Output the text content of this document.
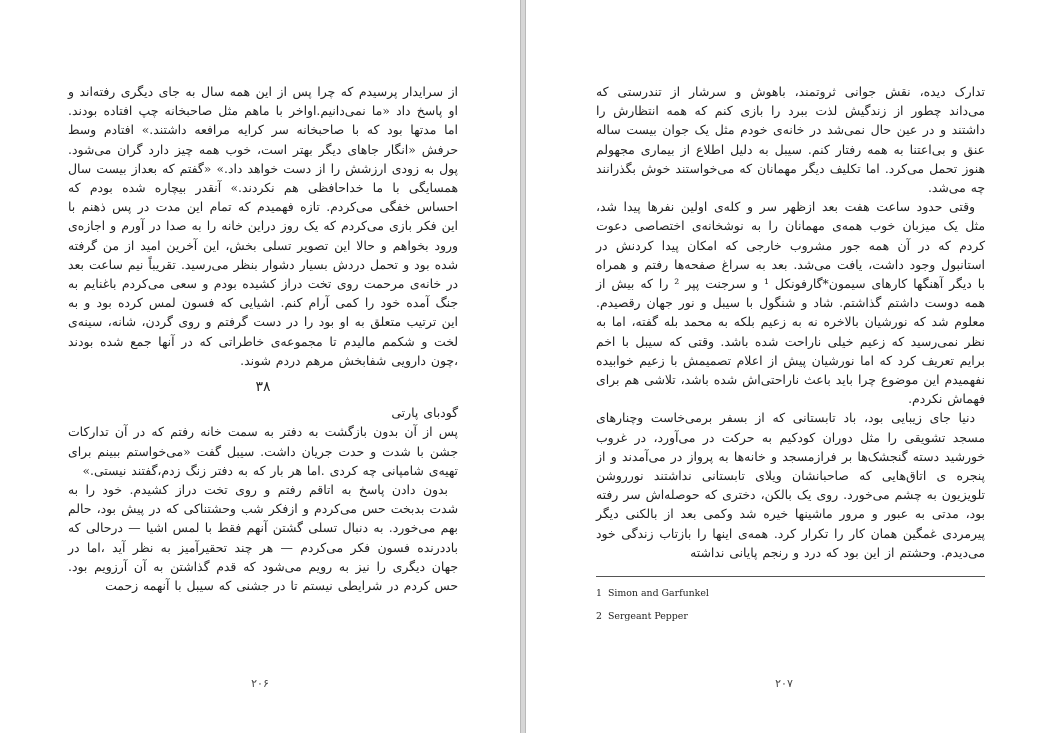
از سرایدار پرسیدم که چرا پس از این همه سال به جای دیگری رفته‌اند و او پاسخ داد «ما نمی‌دانیم.اواخر با ماهم مثل صاحبخانه چپ افتاده بودند. اما مدتها بود که با صاحبخانه سر کرایه مرافعه داشتند.» افتادم وسط حرفش «انگار جاهای دیگر بهتر است، خوب همه چیز دارد گران می‌شود. پول به زودی ارزشش را از دست خواهد داد.» «گفتم که بعداز بیست سال همسایگی با ما خداحافظی هم نکردند.» آنقدر بیچاره شده بودم که احساس خفگی می‌کردم. تازه فهمیدم که تمام این مدت در پس ذهنم با این فکر بازی می‌کردم که یک روز دراین خانه را به صدا در آورم و اجازه‌ی ورود بخواهم و حالا این تصویر تسلی بخش، این آخرین امید از من گرفته شده بود و تحمل دردش بسیار دشوار بنظر می‌رسید. تقریباً نیم ساعت بعد در خانه‌ی مرحمت روی تخت دراز کشیده بودم و سعی می‌کردم باغنایم به جنگ آمده خود را کمی آرام کنم. اشیایی که فسون لمس کرده بود و به این ترتیب متعلق به او بود را در دست گرفتم و روی گردن، شانه، سینه‌ی لخت و شکمم مالیدم تا مجموعه‌ی خاطراتی که در آنها جمع شده بودند ،چون دارویی شفابخش مرهم دردم شوند.

۳۸

گودبای پارتی

پس از آن بدون بازگشت به دفتر به سمت خانه رفتم که در آن تدارکات جشن با شدت و حدت جریان داشت. سیبل گفت «می‌خواستم ببینم برای تهیه‌ی شامپانی چه کردی .اما هر بار که به دفتر زنگ زدم،گفتند نیستی.»

بدون دادن پاسخ به اتاقم رفتم و روی تخت دراز کشیدم. خود را به شدت بدبخت حس می‌کردم و ازفکر شب وحشتناکی که در پیش بود، حالم بهم می‌خورد. به دنبال تسلی گشتن آنهم فقط با لمس اشیا — درحالی که باددرنده فسون فکر می‌کردم — هر چند تحقیرآمیز به نظر آید ،اما در جهان دیگری را نیز به رویم می‌شود که قدم گذاشتن به آن آرزویم بود. حس کردم در شرایطی نیستم تا در جشنی که سیبل با آنهمه زحمت

۲۰۶

تدارک دیده، نقش جوانی ثروتمند، باهوش و سرشار از تندرستی که می‌داند چطور از زندگیش لذت ببرد را بازی کنم که همه انتظارش را داشتند و در عین حال نمی‌شد در خانه‌ی خودم مثل یک جوان بیست ساله عنق و بی‌اعتنا به همه رفتار کنم. سیبل به دلیل اطلاع از بیماری مجهولم هنوز تحمل می‌کرد. اما تکلیف دیگر مهمانان که می‌خواستند خوش بگذرانند چه می‌شد.

وقتی حدود ساعت هفت بعد ازظهر سر و کله‌ی اولین نفرها پیدا شد، مثل یک میزبان خوب همه‌ی مهمانان را به نوشخانه‌ی اختصاصی دعوت کردم که در آن همه جور مشروب خارجی که امکان پیدا کردنش در استانبول وجود داشت، یافت می‌شد. بعد به سراغ صفحه‌ها رفتم و همراه با دیگر آهنگها کارهای سیمون*گارفونکل ¹ و سرجنت پپر ² را که بیش از همه دوست داشتم گذاشتم. شاد و شنگول با سیبل و نور جهان رقصیدم. معلوم شد که نورشیان بالاخره نه به زعیم بلکه به محمد بله گفته، اما به نظر نمی‌رسید که زعیم خیلی ناراحت شده باشد. وقتی که سیبل با اخم برایم تعریف کرد که اما نورشیان پیش از اعلام تصمیمش با زعیم خوابیده نفهمیدم این موضوع چرا باید باعث ناراحتی‌اش شده باشد، تلاشی هم برای فهماش نکردم.

دنیا جای زیبایی بود، باد تابستانی که از بسفر برمی‌خاست وچنارهای مسجد تشویقی را مثل دوران کودکیم به حرکت در می‌آورد، در غروب خورشید دسته گنجشک‌ها بر فرازمسجد و خانه‌ها به پرواز در می‌آمدند و از پنجره ی اتاق‌هایی که صاحبانشان ویلای تابستانی نداشتند نورروشن تلویزیون به چشم می‌خورد. روی یک بالکن، دختری که حوصله‌اش سر رفته بود، مدتی به عبور و مرور ماشینها خیره شد وکمی بعد از بالکنی دیگر پیرمردی غمگین همان کار را تکرار کرد. همه‌ی اینها را بازتاب زندگی خود می‌دیدم. وحشتم از این بود که درد و رنجم پایانی نداشته

1 Simon and Garfunkel

2 Sergeant Pepper

۲۰۷
